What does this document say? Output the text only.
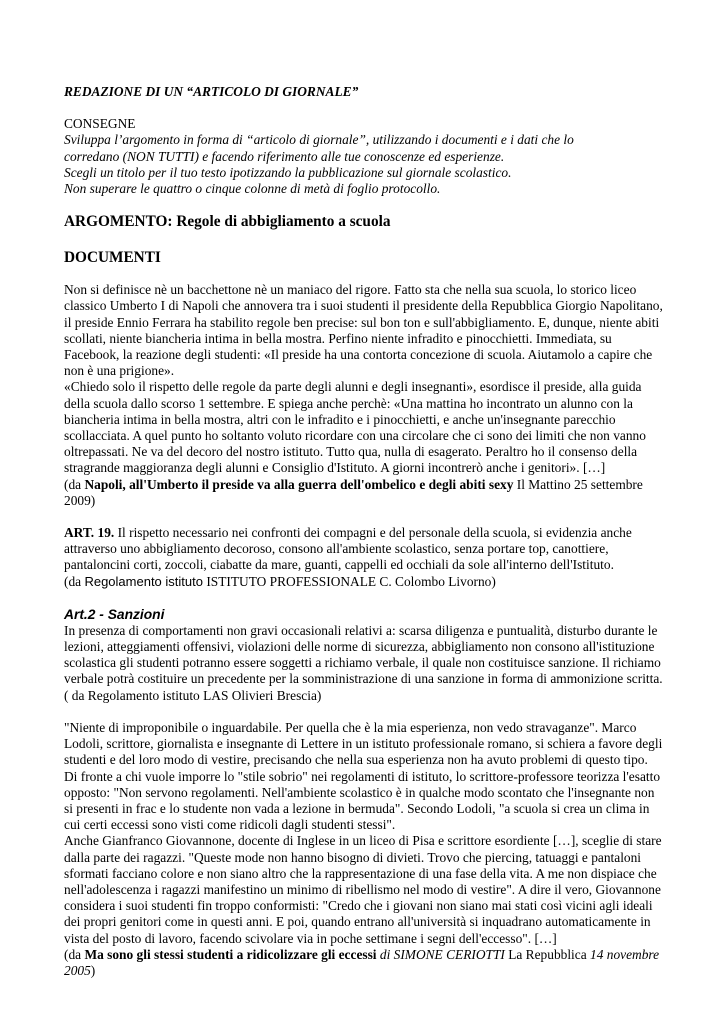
REDAZIONE DI UN “ARTICOLO DI GIORNALE”

CONSEGNE

Sviluppa l’argomento in forma di “articolo di giornale”, utilizzando i documenti e i dati che lo

corredano (NON TUTTI) e facendo riferimento alle tue conoscenze ed esperienze.

Scegli un titolo per il tuo testo ipotizzando la pubblicazione sul giornale scolastico.

Non superare le quattro o cinque colonne di metà di foglio protocollo.

ARGOMENTO: Regole di abbigliamento a scuola
DOCUMENTI

Non si definisce nè un bacchettone nè un maniaco del rigore. Fatto sta che nella sua scuola, lo storico liceo

classico Umberto I di Napoli che annovera tra i suoi studenti il presidente della Repubblica Giorgio Napolitano,

il preside Ennio Ferrara ha stabilito regole ben precise: sul bon ton e sull'abbigliamento. E, dunque, niente abiti

scollati, niente biancheria intima in bella mostra. Perfino niente infradito e pinocchietti. Immediata, su

Facebook, la reazione degli studenti: «Il preside ha una contorta concezione di scuola. Aiutamolo a capire che

non è una prigione».

«Chiedo solo il rispetto delle regole da parte degli alunni e degli insegnanti», esordisce il preside, alla guida

della scuola dallo scorso 1 settembre. E spiega anche perchè: «Una mattina ho incontrato un alunno con la

biancheria intima in bella mostra, altri con le infradito e i pinocchietti, e anche un'insegnante parecchio

scollacciata. A quel punto ho soltanto voluto ricordare con una circolare che ci sono dei limiti che non vanno

oltrepassati. Ne va del decoro del nostro istituto. Tutto qua, nulla di esagerato. Peraltro ho il consenso della

stragrande maggioranza degli alunni e Consiglio d'Istituto. A giorni incontrerò anche i genitori». […]

(da Napoli, all'Umberto il preside va alla guerra dell'ombelico e degli abiti sexy Il Mattino 25 settembre

2009)

ART. 19. Il rispetto necessario nei confronti dei compagni e del personale della scuola, si evidenzia anche

attraverso uno abbigliamento decoroso, consono all'ambiente scolastico, senza portare top, canottiere,

pantaloncini corti, zoccoli, ciabatte da mare, guanti, cappelli ed occhiali da sole all'interno dell'Istituto.

(da Regolamento istituto ISTITUTO PROFESSIONALE C. Colombo Livorno)

Art.2 - Sanzioni

In presenza di comportamenti non gravi occasionali relativi a: scarsa diligenza e puntualità, disturbo durante le

lezioni, atteggiamenti offensivi, violazioni delle norme di sicurezza, abbigliamento non consono all'istituzione

scolastica gli studenti potranno essere soggetti a richiamo verbale, il quale non costituisce sanzione. Il richiamo

verbale potrà costituire un precedente per la somministrazione di una sanzione in forma di ammonizione scritta.

( da Regolamento istituto LAS Olivieri Brescia)

"Niente di improponibile o inguardabile. Per quella che è la mia esperienza, non vedo stravaganze". Marco

Lodoli, scrittore, giornalista e insegnante di Lettere in un istituto professionale romano, si schiera a favore degli

studenti e del loro modo di vestire, precisando che nella sua esperienza non ha avuto problemi di questo tipo.

Di fronte a chi vuole imporre lo "stile sobrio" nei regolamenti di istituto, lo scrittore-professore teorizza l'esatto

opposto: "Non servono regolamenti. Nell'ambiente scolastico è in qualche modo scontato che l'insegnante non

si presenti in frac e lo studente non vada a lezione in bermuda". Secondo Lodoli, "a scuola si crea un clima in

cui certi eccessi sono visti come ridicoli dagli studenti stessi".

Anche Gianfranco Giovannone, docente di Inglese in un liceo di Pisa e scrittore esordiente […], sceglie di stare

dalla parte dei ragazzi. "Queste mode non hanno bisogno di divieti. Trovo che piercing, tatuaggi e pantaloni

sformati facciano colore e non siano altro che la rappresentazione di una fase della vita. A me non dispiace che

nell'adolescenza i ragazzi manifestino un minimo di ribellismo nel modo di vestire". A dire il vero, Giovannone

considera i suoi studenti fin troppo conformisti: "Credo che i giovani non siano mai stati così vicini agli ideali

dei propri genitori come in questi anni. E poi, quando entrano all'università si inquadrano automaticamente in

vista del posto di lavoro, facendo scivolare via in poche settimane i segni dell'eccesso". […]

(da Ma sono gli stessi studenti a ridicolizzare gli eccessi di SIMONE CERIOTTI La Repubblica 14 novembre

2005)
